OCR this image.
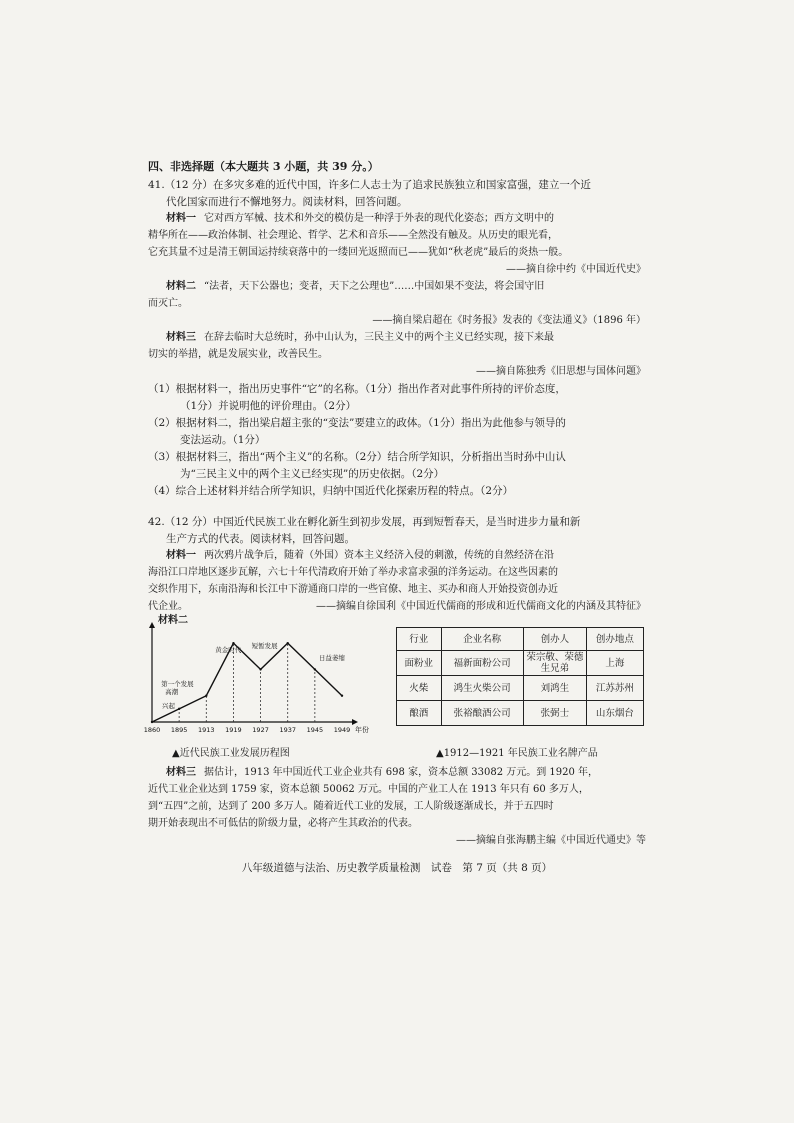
四、非选择题（本大题共 3 小题，共 39 分。）
41.（12 分）在多灾多难的近代中国，许多仁人志士为了追求民族独立和国家富强，建立一个近
代化国家而进行不懈地努力。阅读材料，回答问题。
材料一 它对西方军械、技术和外交的模仿是一种浮于外表的现代化姿态；西方文明中的
精华所在——政治体制、社会理论、哲学、艺术和音乐——全然没有触及。从历史的眼光看，
它充其量不过是清王朝国运持续衰落中的一缕回光返照而已——犹如“秋老虎”最后的炎热一般。
——摘自徐中约《中国近代史》
材料二 “法者，天下公器也；变者，天下之公理也”……中国如果不变法，将会国守旧
而灭亡。
——摘自梁启超在《时务报》发表的《变法通义》（1896 年）
材料三 在辞去临时大总统时，孙中山认为，三民主义中的两个主义已经实现，接下来最
切实的举措，就是发展实业，改善民生。
——摘自陈独秀《旧思想与国体问题》
（1）根据材料一，指出历史事件“它”的名称。（1分）指出作者对此事件所持的评价态度，
（1分）并说明他的评价理由。（2分）
（2）根据材料二，指出梁启超主张的“变法”要建立的政体。（1分）指出为此他参与领导的
变法运动。（1分）
（3）根据材料三，指出“两个主义”的名称。（2分）结合所学知识，分析指出当时孙中山认
为“三民主义中的两个主义已经实现”的历史依据。（2分）
（4）综合上述材料并结合所学知识，归纳中国近代化探索历程的特点。（2分）
42.（12 分）中国近代民族工业在孵化新生到初步发展，再到短暂春天，是当时进步力量和新
生产方式的代表。阅读材料，回答问题。
材料一 两次鸦片战争后，随着（外国）资本主义经济入侵的刺激，传统的自然经济在沿
海沿江口岸地区逐步瓦解，六七十年代清政府开始了举办求富求强的洋务运动。在这些因素的
交织作用下，东南沿海和长江中下游通商口岸的一些官僚、地主、买办和商人开始投资创办近
代企业。	——摘编自徐国利《中国近代儒商的形成和近代儒商文化的内涵及其特征》
材料二
1860 1895 1913 1919 1927 1937 1945 1949 年份
兴起
第一个发展
高潮
黄金时代 短暂发展
日益萎缩
▲近代民族工业发展历程图
行业	企业名称	创办人	创办地点
面粉业	福新面粉公司	荣宗敬、荣德生兄弟	上海
火柴	鸿生火柴公司	刘鸿生	江苏苏州
酿酒	张裕酿酒公司	张弼士	山东烟台
▲1912—1921 年民族工业名牌产品
材料三 据估计，1913 年中国近代工业企业共有 698 家，资本总额 33082 万元。到 1920 年，
近代工业企业达到 1759 家，资本总额 50062 万元。中国的产业工人在 1913 年只有 60 多万人，
到“五四”之前，达到了 200 多万人。随着近代工业的发展，工人阶级逐渐成长，并于五四时
期开始表现出不可低估的阶级力量，必将产生其政治的代表。
——摘编自张海鹏主编《中国近代通史》等
八年级道德与法治、历史教学质量检测　试卷　第 7 页（共 8 页）
